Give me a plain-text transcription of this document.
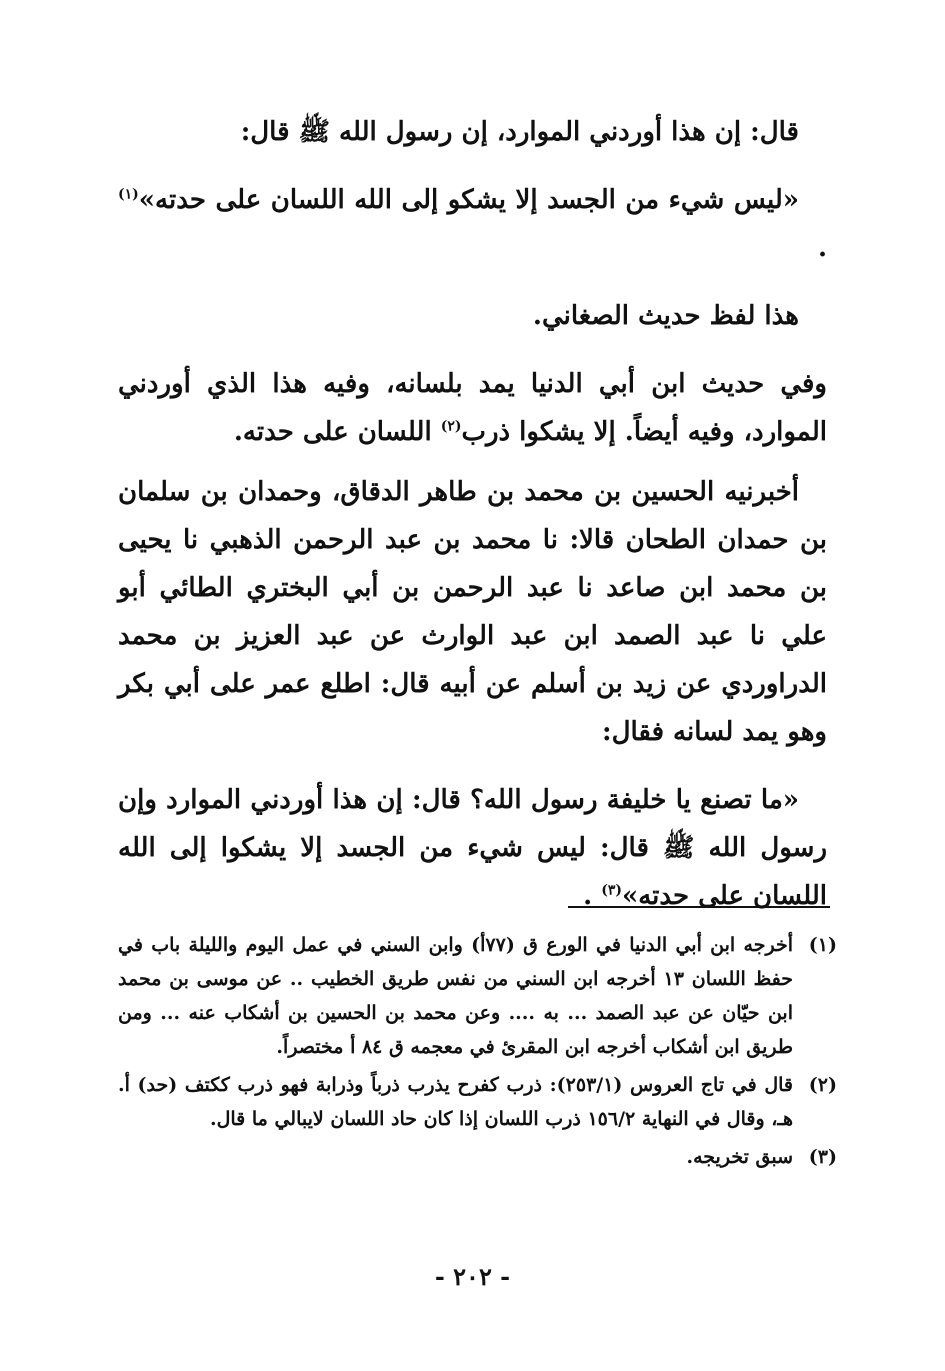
قال: إن هذا أوردني الموارد، إن رسول الله ﷺ قال:

«ليس شيء من الجسد إلا يشكو إلى الله اللسان على حدته»$^{(١)}$ .

هذا لفظ حديث الصغاني.

وفي حديث ابن أبي الدنيا يمد بلسانه، وفيه هذا الذي أوردني الموارد، وفيه أيضاً. إلا يشكوا ذرب$^{(٢)}$ اللسان على حدته.

أخبرنيه الحسين بن محمد بن طاهر الدقاق، وحمدان بن سلمان بن حمدان الطحان قالا: نا محمد بن عبد الرحمن الذهبي نا يحيى بن محمد ابن صاعد نا عبد الرحمن بن أبي البختري الطائي أبو علي نا عبد الصمد ابن عبد الوارث عن عبد العزيز بن محمد الدراوردي عن زيد بن أسلم عن أبيه قال: اطلع عمر على أبي بكر وهو يمد لسانه فقال:

«ما تصنع يا خليفة رسول الله؟ قال: إن هذا أوردني الموارد وإن رسول الله ﷺ قال: ليس شيء من الجسد إلا يشكوا إلى الله اللسان على حدته»$^{(٣)}$ .

(١)
أخرجه ابن أبي الدنيا في الورع ق (٧٧أ) وابن السني في عمل اليوم والليلة باب في حفظ اللسان ١٣ أخرجه ابن السني من نفس طريق الخطيب .. عن موسى بن محمد ابن حيّان عن عبد الصمد ... به .... وعن محمد بن الحسين بن أشكاب عنه ... ومن طريق ابن أشكاب أخرجه ابن المقرئ في معجمه ق ٨٤ أ مختصراً.
(٢)
قال في تاج العروس (٢٥٣/١): ذرب كفرح يذرب ذرباً وذرابة فهو ذرب ككتف (حد) أ. هـ، وقال في النهاية ١٥٦/٢ ذرب اللسان إذا كان حاد اللسان لايبالي ما قال.
(٣)
سبق تخريجه.
- ٢٠٢ -
